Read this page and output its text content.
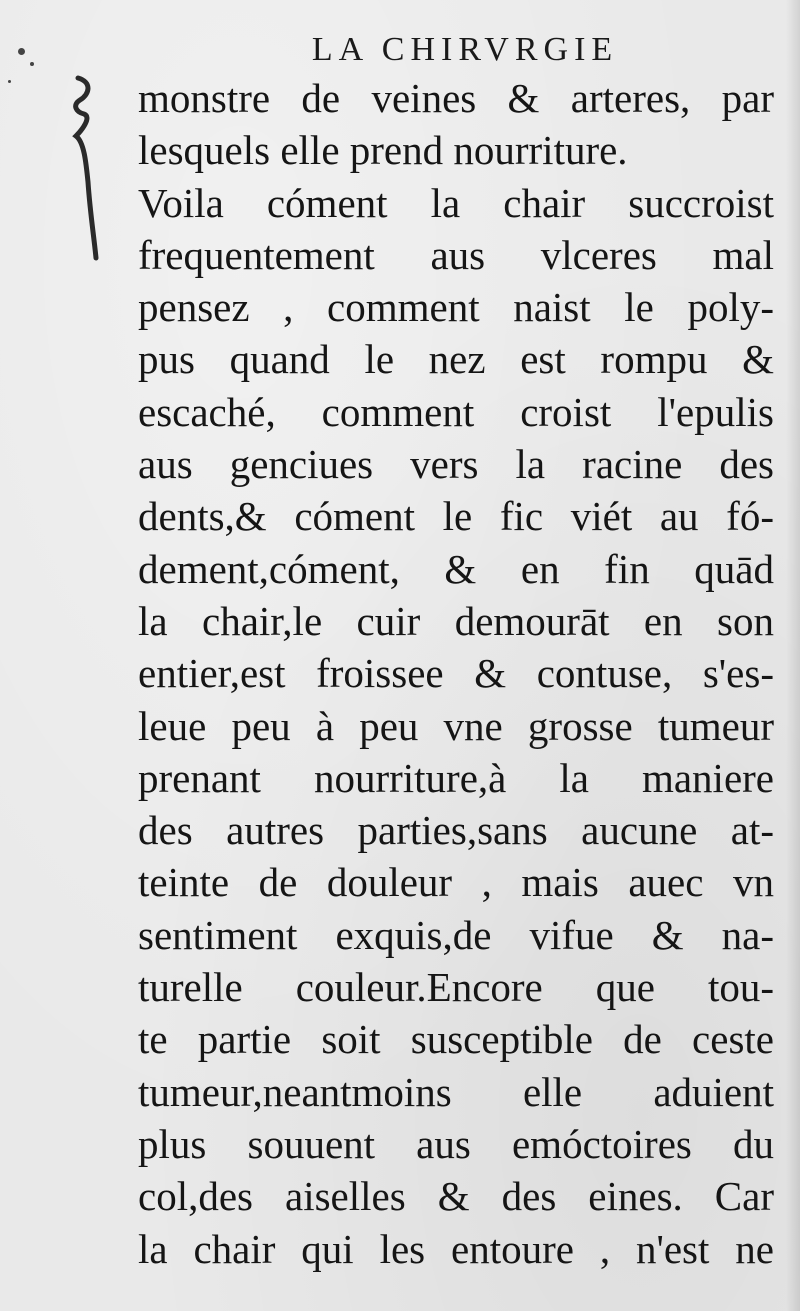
LA CHIRVRGIE
monstre de veines & arteres, par
lesquels elle prend nourriture.
Voila cóment la chair succroist
frequentement aus vlceres mal
pensez , comment naist le poly-
pus quand le nez est rompu &
escaché, comment croist l'epulis
aus genciues vers la racine des
dents,& cóment le fic viét au fó-
dement,cóment, & en fin quād
la chair,le cuir demourāt en son
entier,est froissee & contuse, s'es-
leue peu à peu vne grosse tumeur
prenant nourriture,à la maniere
des autres parties,sans aucune at-
teinte de douleur , mais auec vn
sentiment exquis,de vifue & na-
turelle couleur.Encore que tou-
te partie soit susceptible de ceste
tumeur,neantmoins elle aduient
plus souuent aus emóctoires du
col,des aiselles & des eines. Car
la chair qui les entoure , n'est ne
